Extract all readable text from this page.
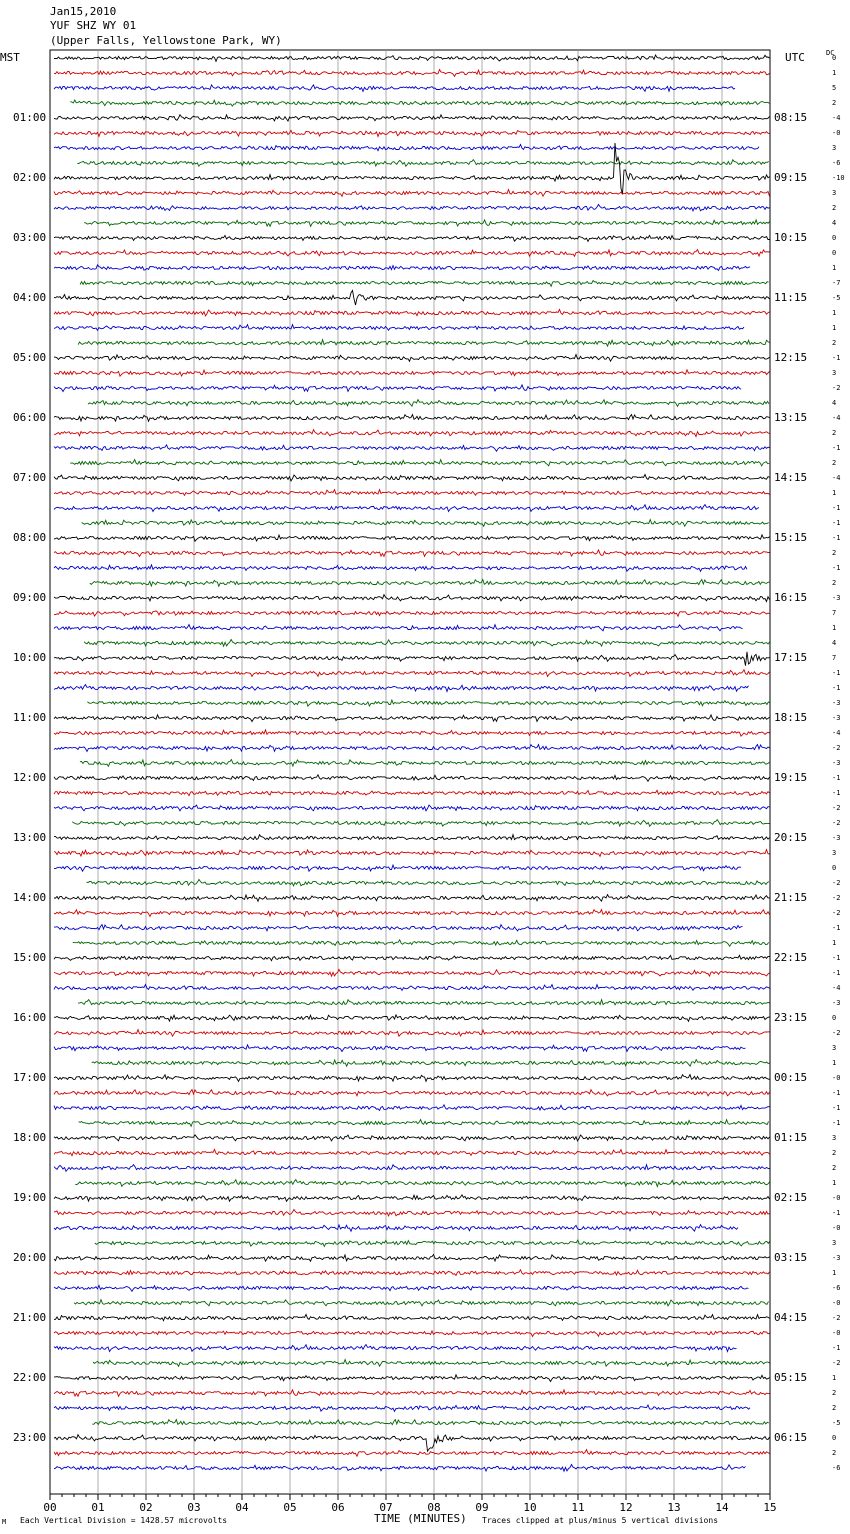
Jan15,2010
YUF SHZ WY 01
(Upper Falls, Yellowstone Park, WY)
MST	UTC	DC
00	01	02	03	04	05	06	07	08	09	10	11	12	13	14	15
0
1
5
2
-4
-0
3
-6
-10
3
2
4
0
0
1
-7
-5
1
1
2
-1
3
-2
4
-4
2
-1
2
-4
1
-1
-1
-1
2
-1
2
-3
7
1
4
7
-1
-1
-3
-3
-4
-2
-3
-1
-1
-2
-2
-3
3
0
-2
-2
-2
-1
1
-1
-1
-4
-3
0
-2
3
1
-0
-1
-1
-1
3
2
2
1
-0
-1
-0
3
-3
1
-6
-0
-2
-0
-1
-2
1
2
2
-5
0
2
-6
01:00	08:15
02:00	09:15
03:00	10:15
04:00	11:15
05:00	12:15
06:00	13:15
07:00	14:15
08:00	15:15
09:00	16:15
10:00	17:15
11:00	18:15
12:00	19:15
13:00	20:15
14:00	21:15
15:00	22:15
16:00	23:15
17:00	00:15
18:00	01:15
19:00	02:15
20:00	03:15
21:00	04:15
22:00	05:15
23:00	06:15
M Each Vertical Division = 1428.57 microvolts	TIME (MINUTES) Traces clipped at plus/minus 5 vertical divisions
